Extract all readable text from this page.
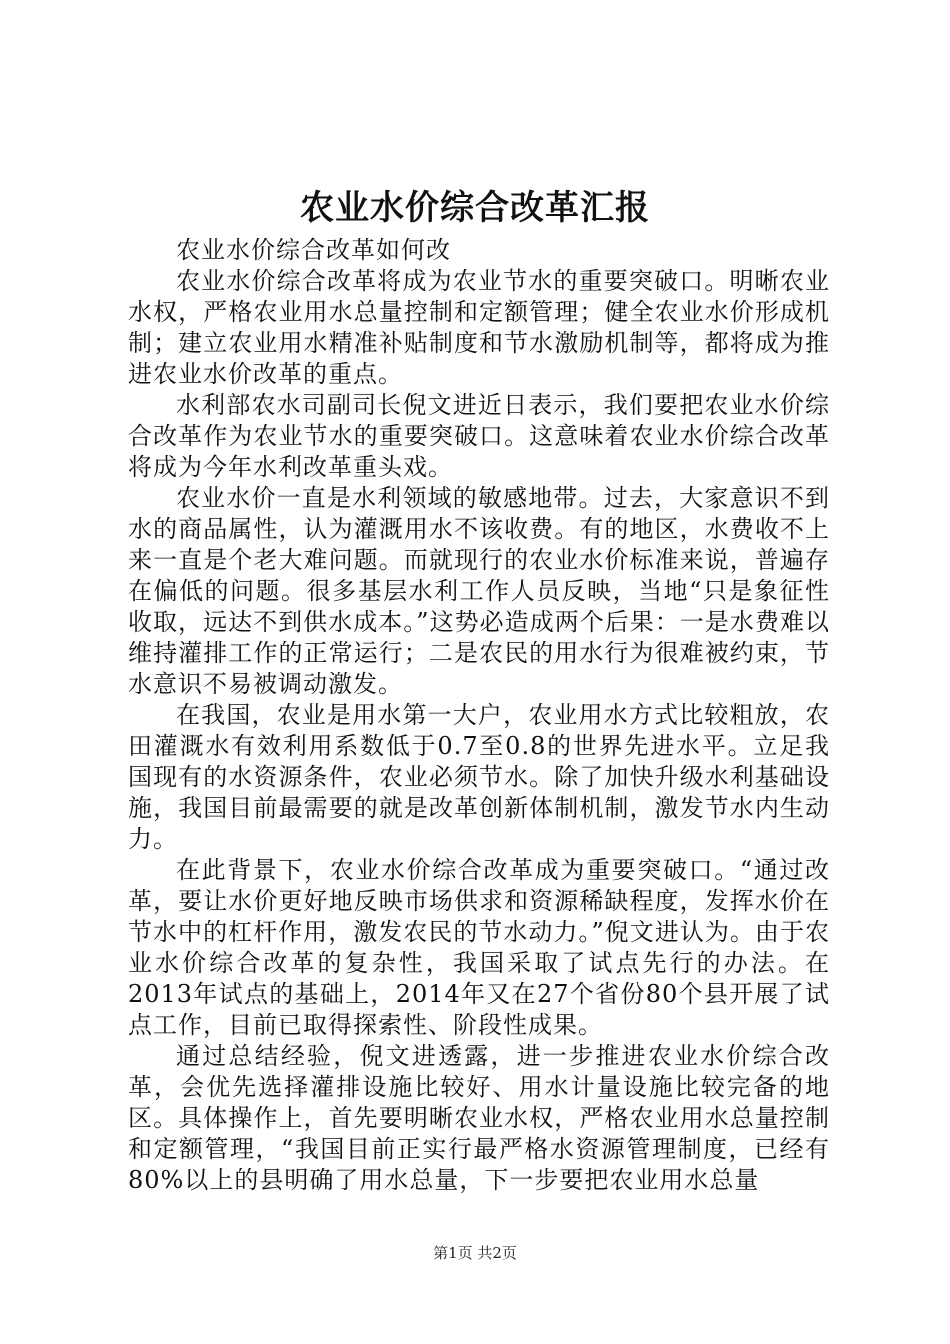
农业水价综合改革汇报

农业水价综合改革如何改

农业水价综合改革将成为农业节水的重要突破口。明晰农业水权，严格农业用水总量控制和定额管理；健全农业水价形成机制；建立农业用水精准补贴制度和节水激励机制等，都将成为推进农业水价改革的重点。

水利部农水司副司长倪文进近日表示，我们要把农业水价综合改革作为农业节水的重要突破口。这意味着农业水价综合改革将成为今年水利改革重头戏。

农业水价一直是水利领域的敏感地带。过去，大家意识不到水的商品属性，认为灌溉用水不该收费。有的地区，水费收不上来一直是个老大难问题。而就现行的农业水价标准来说，普遍存在偏低的问题。很多基层水利工作人员反映，当地“只是象征性收取，远达不到供水成本。”这势必造成两个后果：一是水费难以维持灌排工作的正常运行；二是农民的用水行为很难被约束，节水意识不易被调动激发。

在我国，农业是用水第一大户，农业用水方式比较粗放，农田灌溉水有效利用系数低于0.7至0.8的世界先进水平。立足我国现有的水资源条件，农业必须节水。除了加快升级水利基础设施，我国目前最需要的就是改革创新体制机制，激发节水内生动力。

在此背景下，农业水价综合改革成为重要突破口。“通过改革，要让水价更好地反映市场供求和资源稀缺程度，发挥水价在节水中的杠杆作用，激发农民的节水动力。”倪文进认为。由于农业水价综合改革的复杂性，我国采取了试点先行的办法。在2013年试点的基础上，2014年又在27个省份80个县开展了试点工作，目前已取得探索性、阶段性成果。

通过总结经验，倪文进透露，进一步推进农业水价综合改革，会优先选择灌排设施比较好、用水计量设施比较完备的地区。具体操作上，首先要明晰农业水权，严格农业用水总量控制和定额管理，“我国目前正实行最严格水资源管理制度，已经有80%以上的县明确了用水总量，下一步要把农业用水总量

第1页 共2页
